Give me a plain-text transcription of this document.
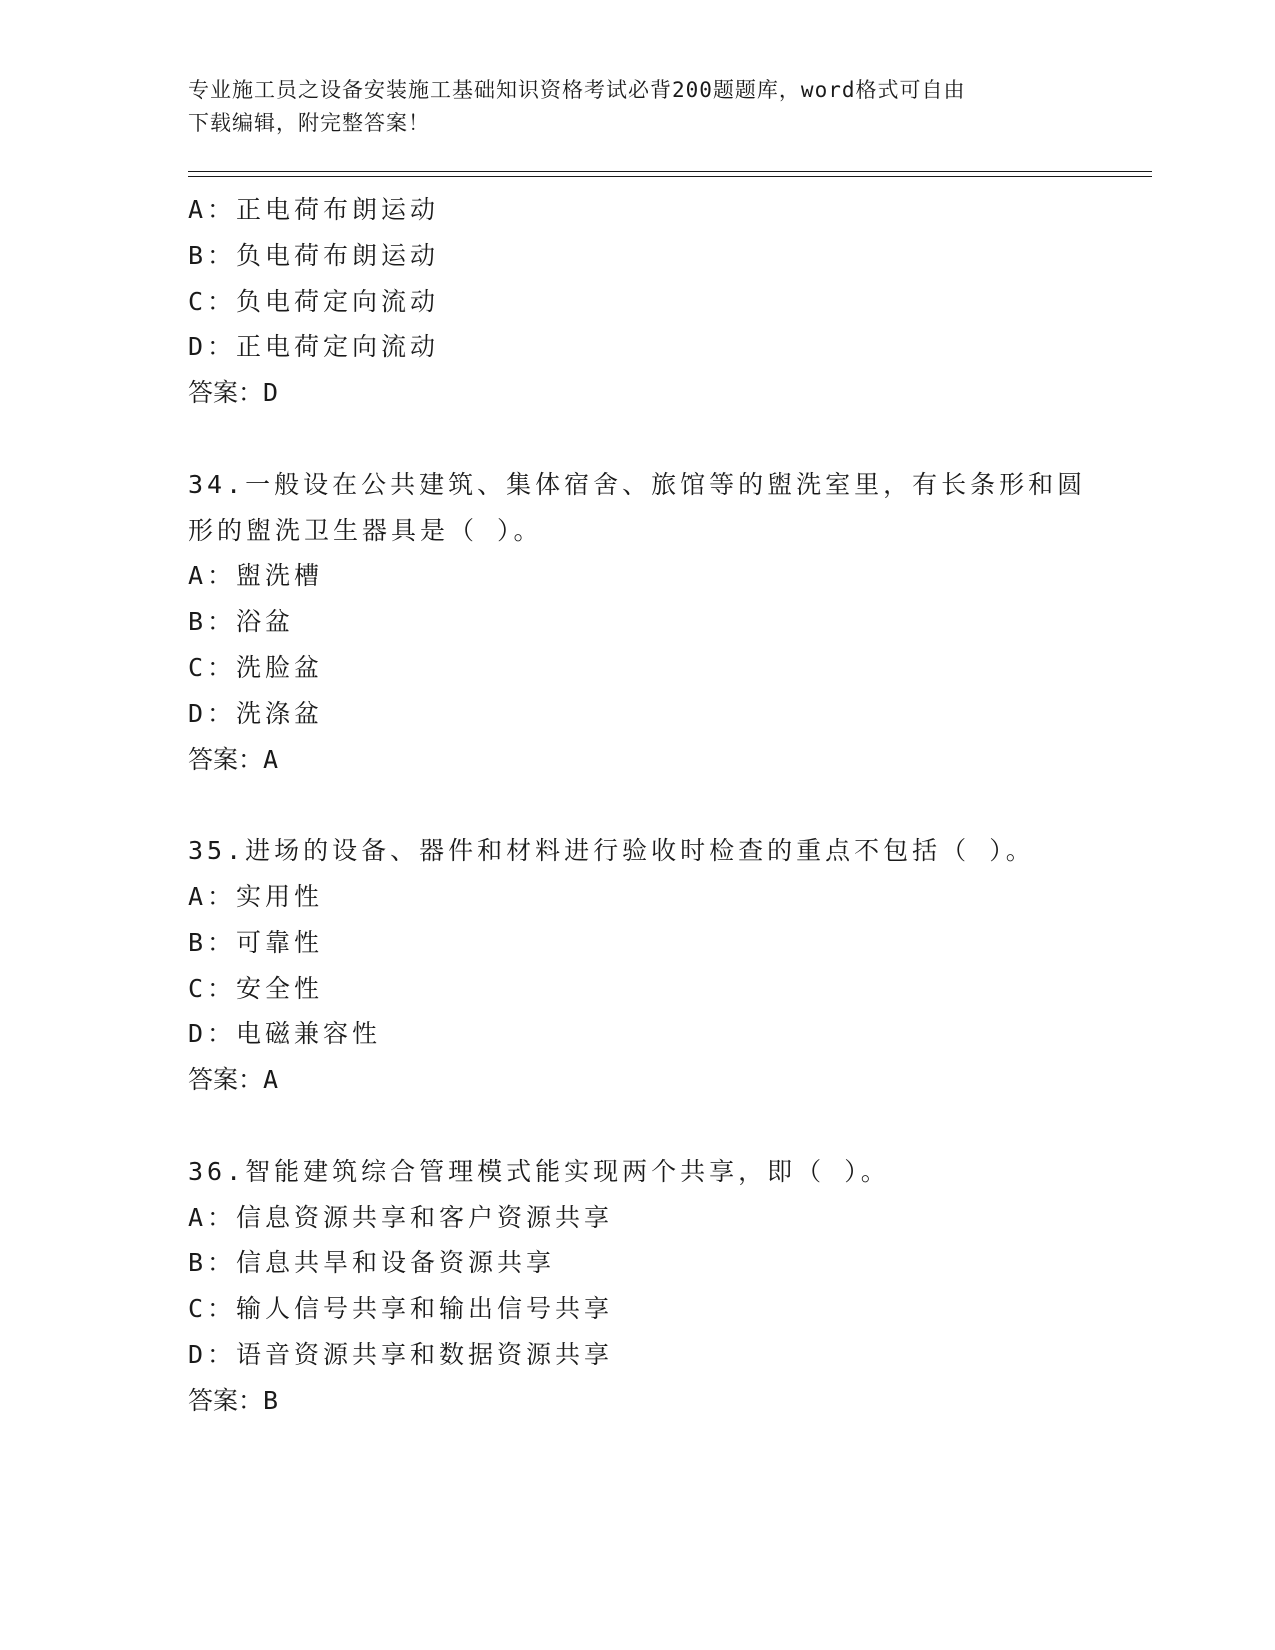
专业施工员之设备安装施工基础知识资格考试必背200题题库，word格式可自由
下载编辑，附完整答案！
A：正电荷布朗运动
B：负电荷布朗运动
C：负电荷定向流动
D：正电荷定向流动
答案：D
34.一般设在公共建筑、集体宿舍、旅馆等的盥洗室里，有长条形和圆
形的盥洗卫生器具是（ ）。
A：盥洗槽
B：浴盆
C：洗脸盆
D：洗涤盆
答案：A
35.进场的设备、器件和材料进行验收时检查的重点不包括（ ）。
A：实用性
B：可靠性
C：安全性
D：电磁兼容性
答案：A
36.智能建筑综合管理模式能实现两个共享，即（ ）。
A：信息资源共享和客户资源共享
B：信息共旱和设备资源共享
C：输人信号共享和输出信号共享
D：语音资源共享和数据资源共享
答案：B
